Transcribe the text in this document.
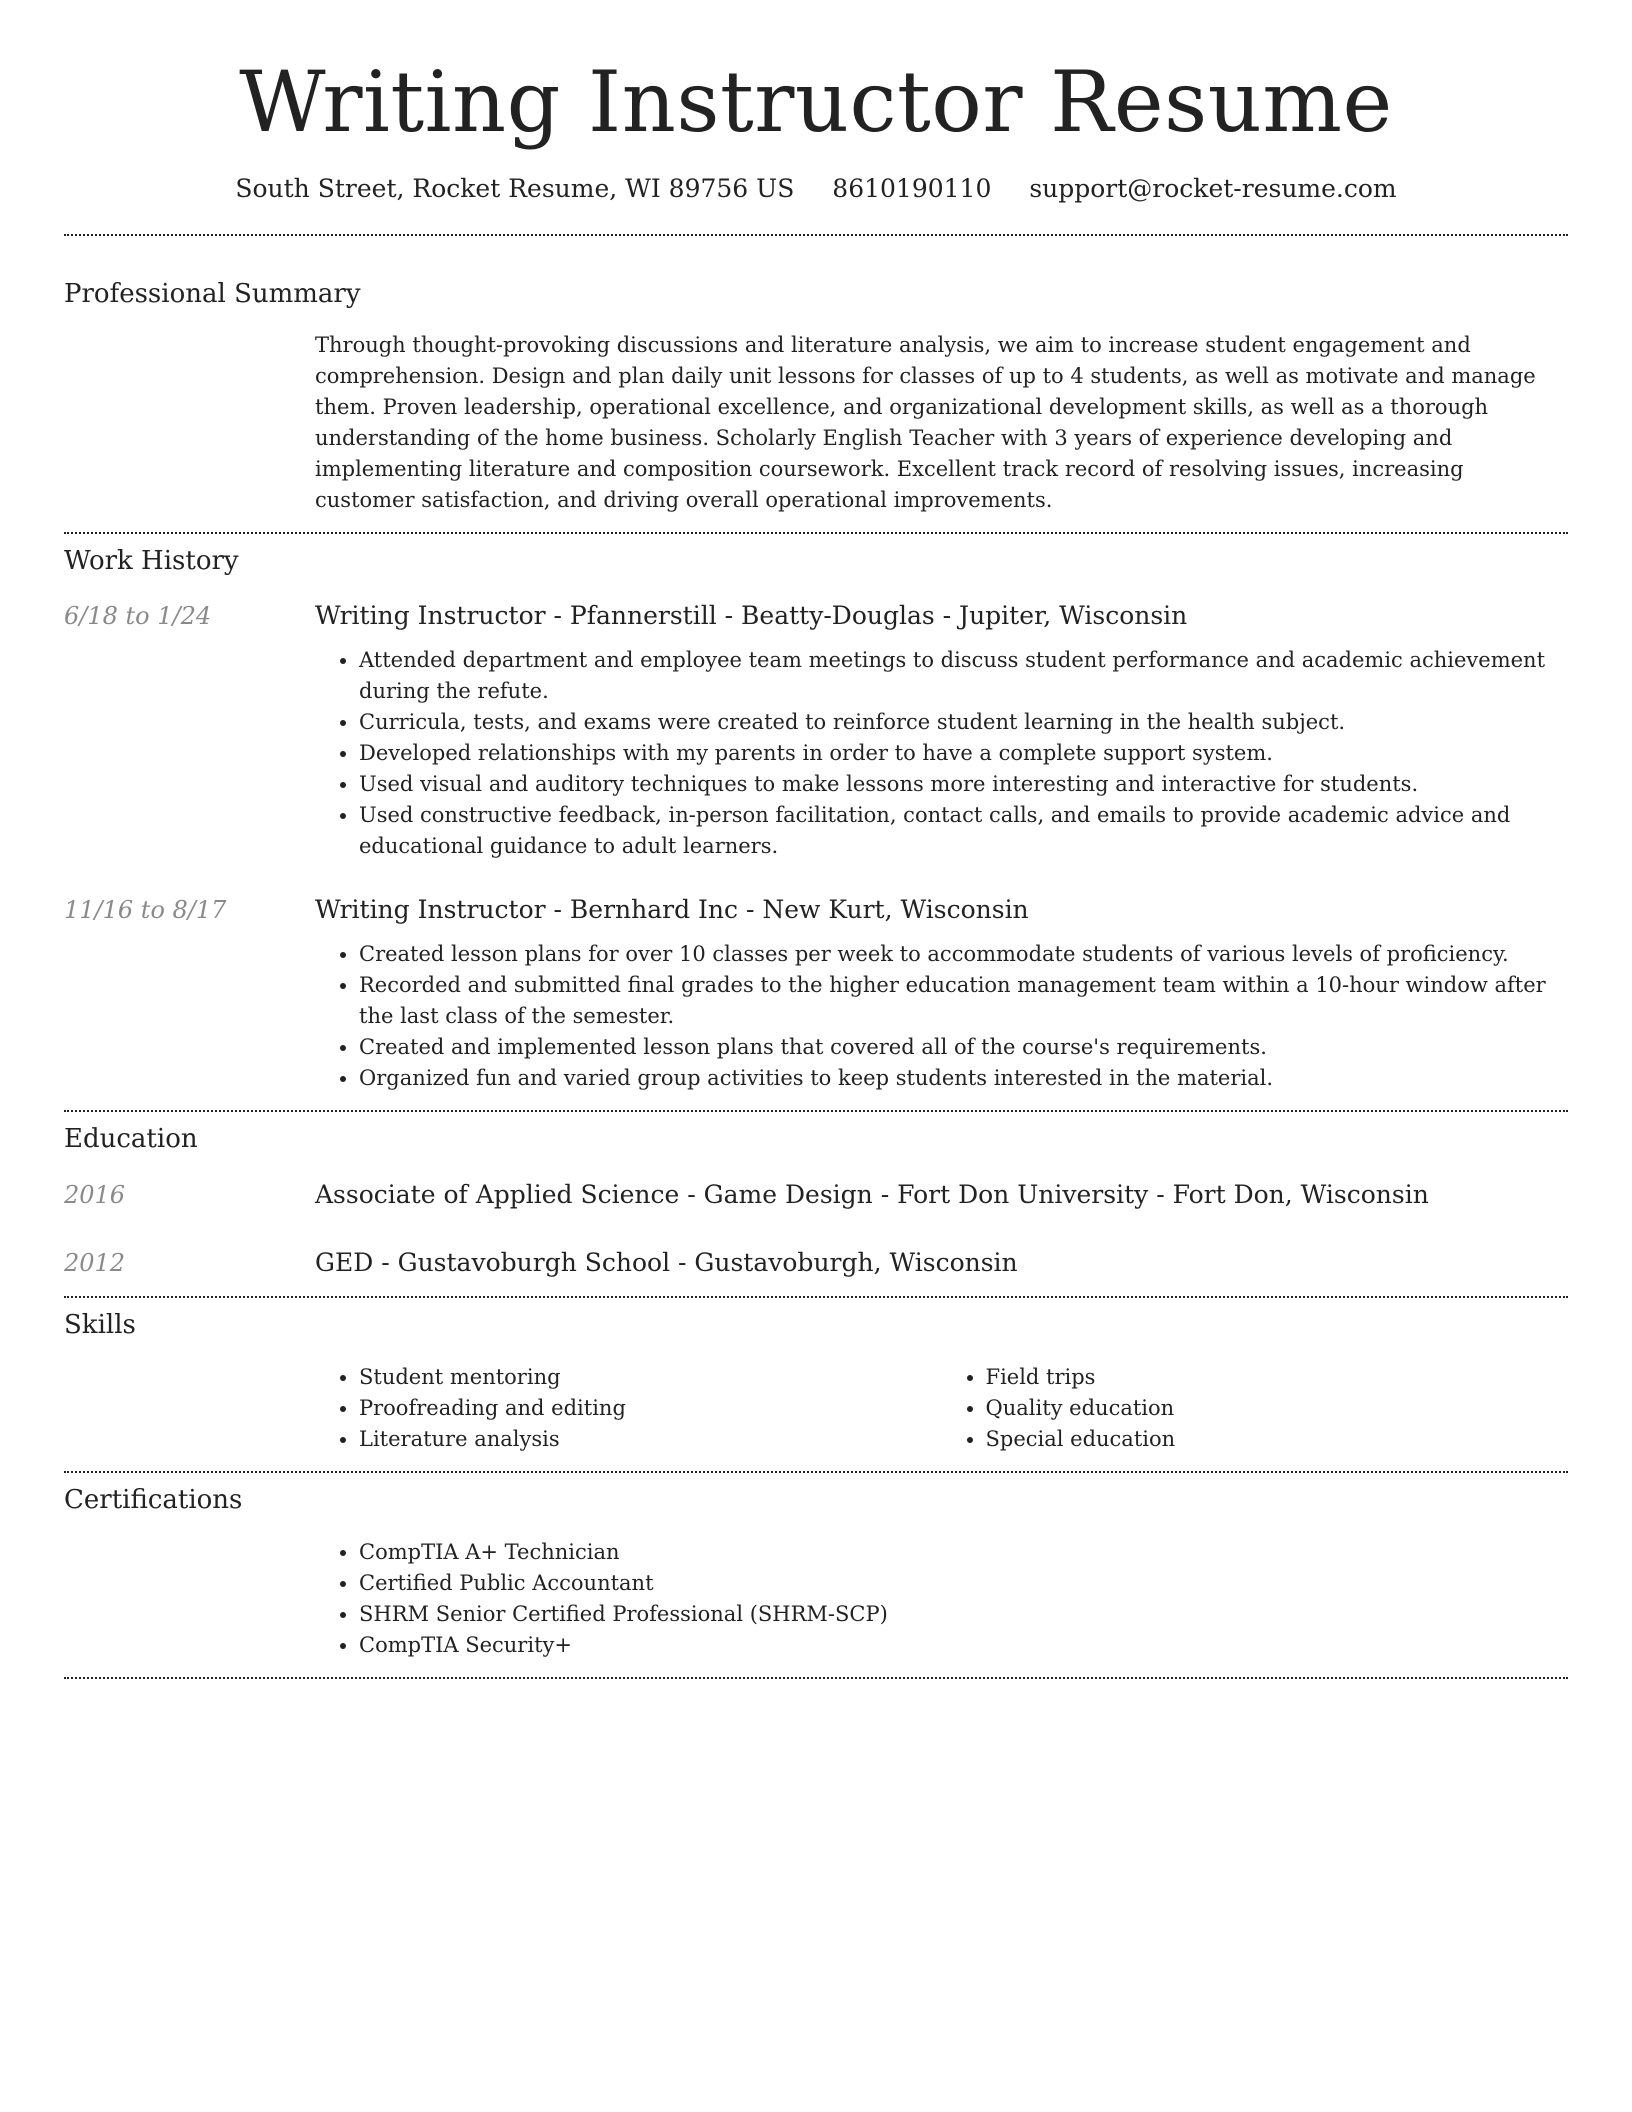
Writing Instructor Resume
South Street, Rocket Resume, WI 89756 US 8610190110 support@rocket-resume.com
Professional Summary

Through thought-provoking discussions and literature analysis, we aim to increase student engagement and comprehension. Design and plan daily unit lessons for classes of up to 4 students, as well as motivate and manage them. Proven leadership, operational excellence, and organizational development skills, as well as a thorough understanding of the home business. Scholarly English Teacher with 3 years of experience developing and implementing literature and composition coursework. Excellent track record of resolving issues, increasing customer satisfaction, and driving overall operational improvements.

Work History
6/18 to 1/24	Writing Instructor - Pfannerstill - Beatty-Douglas - Jupiter, Wisconsin
• Attended department and employee team meetings to discuss student performance and academic achievement during the refute.
• Curricula, tests, and exams were created to reinforce student learning in the health subject.
• Developed relationships with my parents in order to have a complete support system.
• Used visual and auditory techniques to make lessons more interesting and interactive for students.
• Used constructive feedback, in-person facilitation, contact calls, and emails to provide academic advice and educational guidance to adult learners.
11/16 to 8/17	Writing Instructor - Bernhard Inc - New Kurt, Wisconsin
• Created lesson plans for over 10 classes per week to accommodate students of various levels of proficiency.
• Recorded and submitted final grades to the higher education management team within a 10-hour window after the last class of the semester.
• Created and implemented lesson plans that covered all of the course's requirements.
• Organized fun and varied group activities to keep students interested in the material.
Education
2016	Associate of Applied Science - Game Design - Fort Don University - Fort Don, Wisconsin
2012	GED - Gustavoburgh School - Gustavoburgh, Wisconsin
Skills
• Student mentoring
• Proofreading and editing
• Literature analysis
• Field trips
• Quality education
• Special education
Certifications
• CompTIA A+ Technician
• Certified Public Accountant
• SHRM Senior Certified Professional (SHRM-SCP)
• CompTIA Security+
